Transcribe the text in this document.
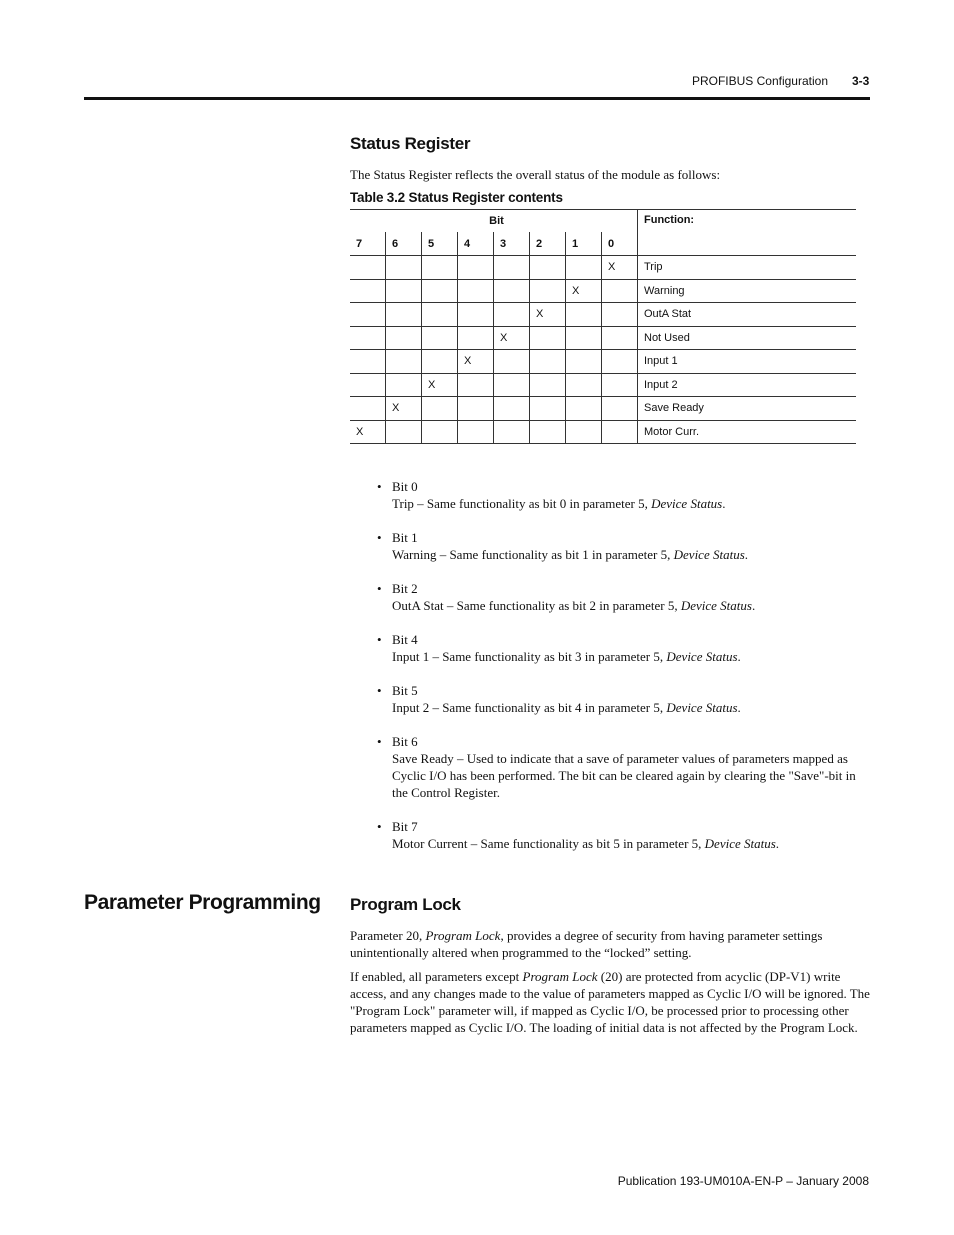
PROFIBUS Configuration 3-3
Status Register
The Status Register reflects the overall status of the module as follows:
Table 3.2 Status Register contents
Bit								Function:
7	6	5	4	3	2	1	0	
							X	Trip
						X		Warning
					X			OutA Stat
				X				Not Used
			X					Input 1
		X						Input 2
	X							Save Ready
X								Motor Curr.
• Bit 0
Trip – Same functionality as bit 0 in parameter 5, Device Status.
• Bit 1
Warning – Same functionality as bit 1 in parameter 5, Device Status.
• Bit 2
OutA Stat – Same functionality as bit 2 in parameter 5, Device Status.
• Bit 4
Input 1 – Same functionality as bit 3 in parameter 5, Device Status.
• Bit 5
Input 2 – Same functionality as bit 4 in parameter 5, Device Status.
• Bit 6
Save Ready – Used to indicate that a save of parameter values of parameters mapped as Cyclic I/O has been performed. The bit can be cleared again by clearing the "Save"-bit in the Control Register.
• Bit 7
Motor Current – Same functionality as bit 5 in parameter 5, Device Status.
Parameter Programming Program Lock
Parameter 20, Program Lock, provides a degree of security from having parameter settings unintentionally altered when programmed to the “locked” setting.
If enabled, all parameters except Program Lock (20) are protected from acyclic (DP-V1) write access, and any changes made to the value of parameters mapped as Cyclic I/O will be ignored. The "Program Lock" parameter will, if mapped as Cyclic I/O, be processed prior to processing other parameters mapped as Cyclic I/O. The loading of initial data is not affected by the Program Lock.
Publication 193-UM010A-EN-P – January 2008
